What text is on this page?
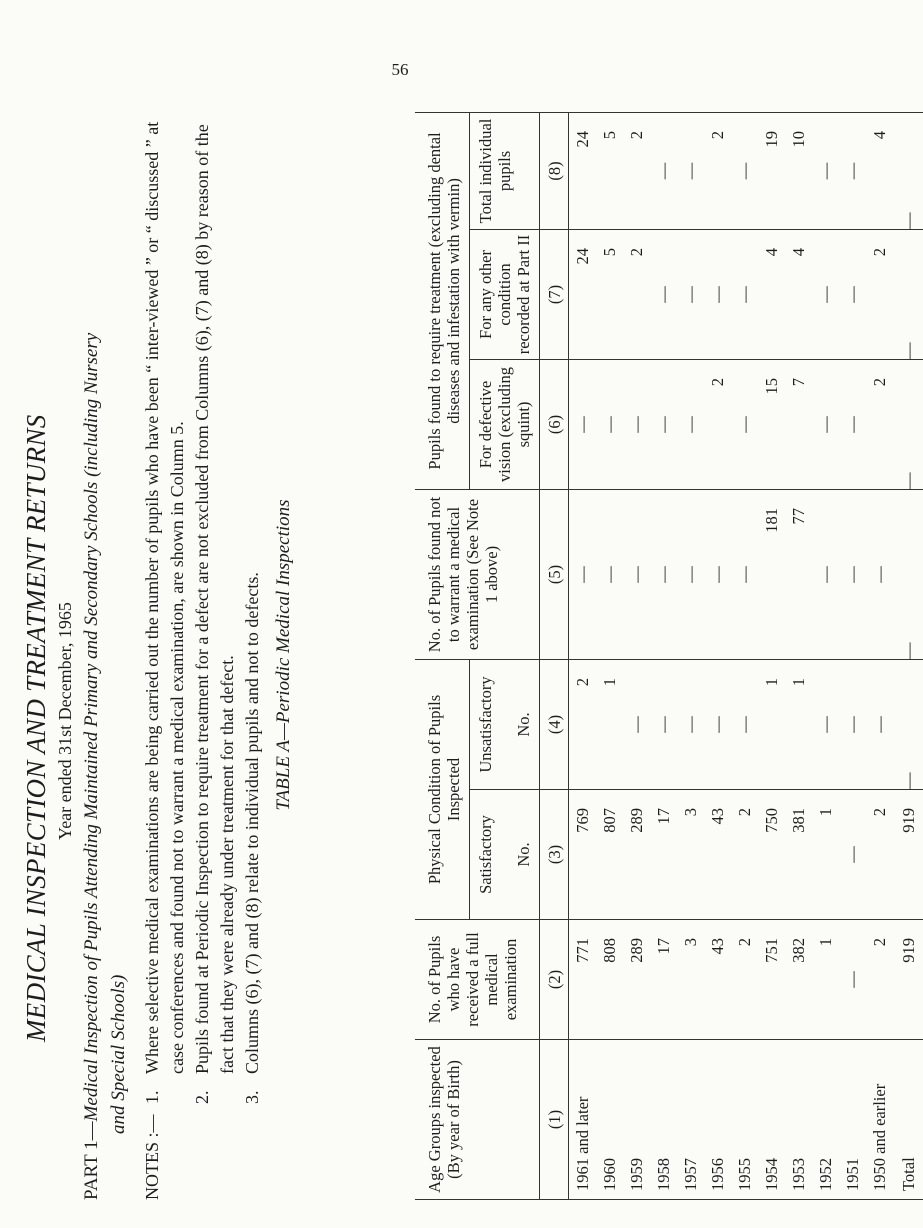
56
MEDICAL INSPECTION AND TREATMENT RETURNS Year ended 31st December, 1965
PART 1—Medical Inspection of Pupils Attending Maintained Primary and Secondary Schools (including Nursery and Special Schools)
NOTES :—
1.
Where selective medical examinations are being carried out the number of pupils who have been “ inter-viewed ” or “ discussed ” at case conferences and found not to warrant a medical examination, are shown in Column 5.
2.
Pupils found at Periodic Inspection to require treatment for a defect are not excluded from Columns (6), (7) and (8) by reason of the fact that they were already under treatment for that defect.
3.
Columns (6), (7) and (8) relate to individual pupils and not to defects. TABLE A—Periodic Medical Inspections
Age Groups inspected (By year of Birth)	No. of Pupils who have received a full medical examination	Physical Condition of Pupils Inspected		No. of Pupils found not to warrant a medical examination (See Note 1 above)	Pupils found to require treatment (excluding dental diseases and infestation with vermin)		
		Satisfactory No.	Unsatisfactory No.		For defective vision (excluding squint)	For any other condition recorded at Part II	Total individual pupils
(1)	(2)	(3)	(4)	(5)	(6)	(7)	(8)
1961 and later	771	769	2	—	—	24	24
1960	808	807	1	—	—	5	5
1959	289	289	—	—	—	2	2
1958	17	17	—	—	—	—	—
1957	3	3	—	—	—	—	—
1956	43	43	—	—	2	—	2
1955	2	2	—	—	—	—	—
1954	751	750	1	181	15	4	19
1953	382	381	1	77	7	4	10
1952	1	1	—	—	—	—	—
1951	—	—	—	—	—	—	—
1950 and earlier	2	2	—	—	2	2	4
Total	919	919	—	—	—	—	—
